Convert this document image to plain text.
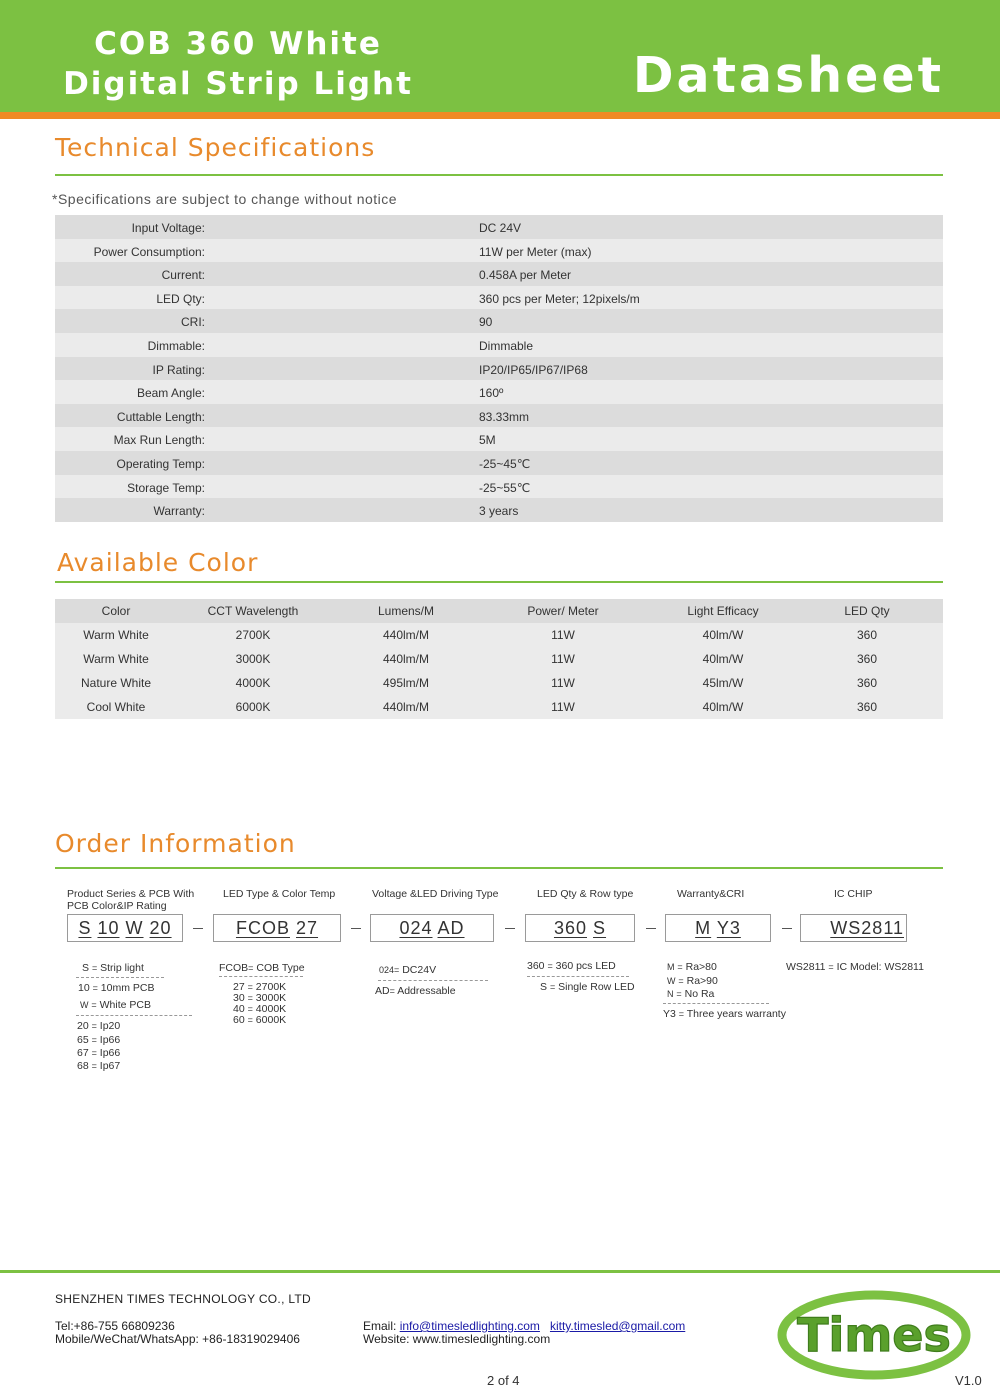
COB 360 White
Digital Strip Light	Datasheet
Technical Specifications
*Specifications are subject to change without notice
Input Voltage:	DC 24V
Power Consumption:	11W per Meter (max)
Current:	0.458A per Meter
LED Qty:	360 pcs per Meter; 12pixels/m
CRI:	90
Dimmable:	Dimmable
IP Rating:	IP20/IP65/IP67/IP68
Beam Angle:	160º
Cuttable Length:	83.33mm
Max Run Length:	5M
Operating Temp:	-25~45℃
Storage Temp:	-25~55℃
Warranty:	3 years
Available Color
Color	CCT Wavelength	Lumens/M	Power/ Meter	Light Efficacy	LED Qty
Warm White	2700K	440lm/M	11W	40lm/W	360
Warm White	3000K	440lm/M	11W	40lm/W	360
Nature White	4000K	495lm/M	11W	45lm/W	360
Cool White	6000K	440lm/M	11W	40lm/W	360
Order Information
Product Series & PCB With
PCB Color&IP Rating
LED Type & Color Temp	Voltage &LED Driving Type	LED Qty & Row type	Warranty&CRI	IC CHIP
S 10 W 20	FCOB 27	024 AD	360 S	M Y3	WS2811
S = Strip light
10 = 10mm PCB
W = White PCB
20 = Ip20
65 = Ip66
67 = Ip66
68 = Ip67
FCOB= COB Type
27 = 2700K
30 = 3000K
40 = 4000K
60 = 6000K
024= DC24V
AD= Addressable
360 = 360 pcs LED
S = Single Row LED
M = Ra>80
W = Ra>90
N = No Ra
Y3 = Three years warranty
WS2811 = IC Model: WS2811
SHENZHEN TIMES TECHNOLOGY CO., LTD
Tel:+86-755 66809236
Mobile/WeChat/WhatsApp: +86-18319029406
Email: info@timesledlighting.com kitty.timesled@gmail.com
Website: www.timesledlighting.com	Times
2 of 4	V1.0
